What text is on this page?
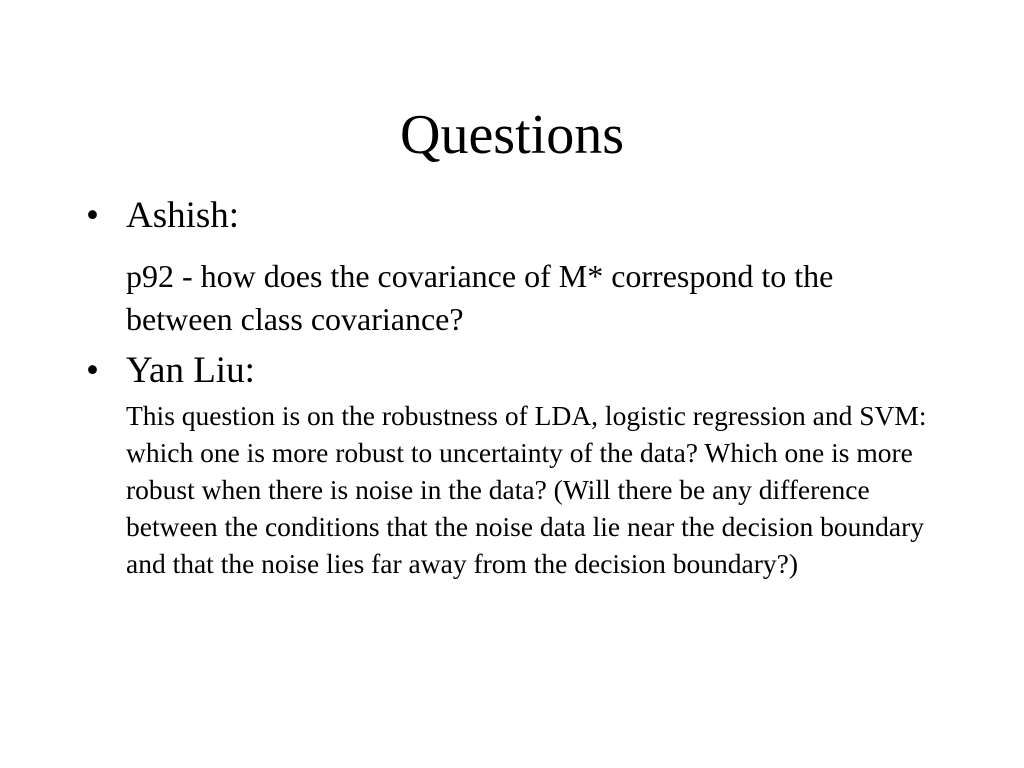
Questions
• Ashish:
p92 - how does the covariance of M* correspond to the between class covariance?
• Yan Liu:
This question is on the robustness of LDA, logistic regression and SVM: which one is more robust to uncertainty of the data? Which one is more robust when there is noise in the data? (Will there be any difference between the conditions that the noise data lie near the decision boundary and that the noise lies far away from the decision boundary?)
